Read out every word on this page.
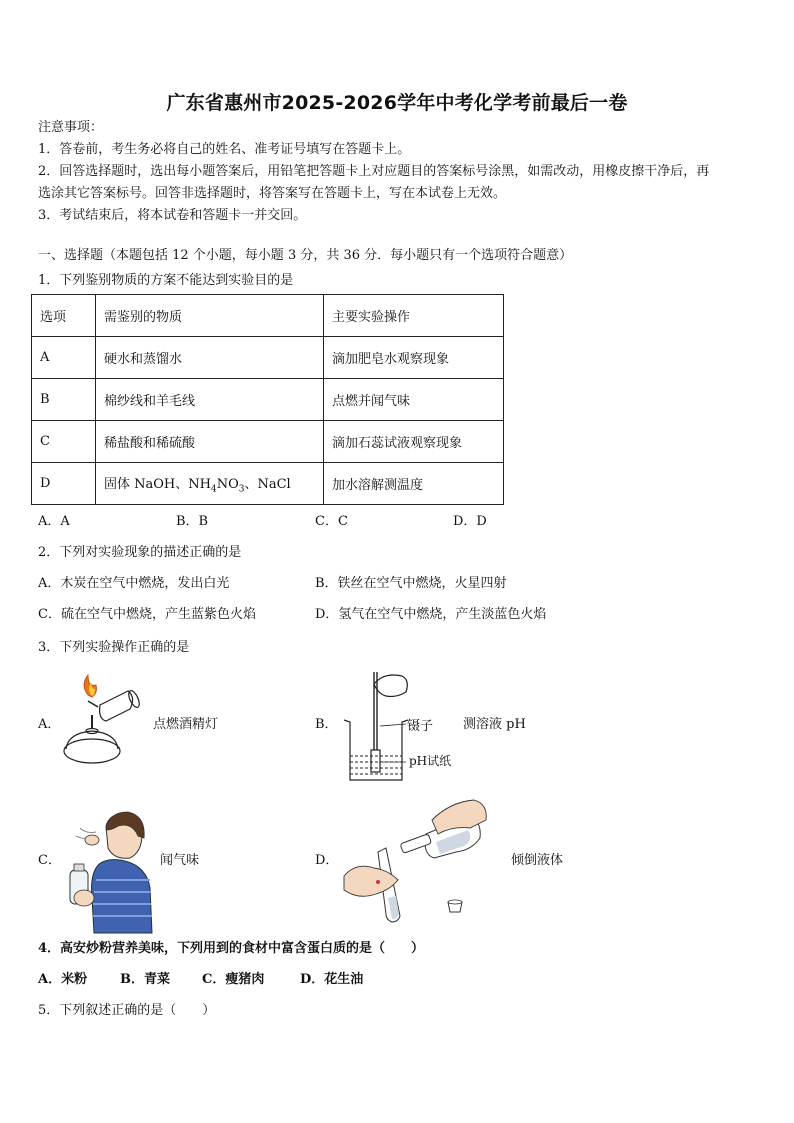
广东省惠州市2025-2026学年中考化学考前最后一卷
注意事项：
1．答卷前，考生务必将自己的姓名、准考证号填写在答题卡上。
2．回答选择题时，选出每小题答案后，用铅笔把答题卡上对应题目的答案标号涂黑，如需改动，用橡皮擦干净后，再
选涂其它答案标号。回答非选择题时，将答案写在答题卡上，写在本试卷上无效。
3．考试结束后，将本试卷和答题卡一并交回。
一、选择题（本题包括 12 个小题，每小题 3 分，共 36 分．每小题只有一个选项符合题意）
1．下列鉴别物质的方案不能达到实验目的是
选项	需鉴别的物质	主要实验操作
A	硬水和蒸馏水	滴加肥皂水观察现象
B	棉纱线和羊毛线	点燃并闻气味
C	稀盐酸和稀硫酸	滴加石蕊试液观察现象
D	固体 NaOH、$NH_4NO_3$、NaCl	加水溶解测温度
A．A	B．B	C．C	D．D
2．下列对实验现象的描述正确的是
A．木炭在空气中燃烧，发出白光	B．铁丝在空气中燃烧，火星四射
C．硫在空气中燃烧，产生蓝紫色火焰	D．氢气在空气中燃烧，产生淡蓝色火焰
3．下列实验操作正确的是
A．	点燃酒精灯	B．	镊子
pH试纸
测溶液 pH
C．	闻气味	D．	倾倒液体
4．高安炒粉营养美味，下列用到的食材中富含蛋白质的是（　　）
A．米粉	B．青菜 C．瘦猪肉	D．花生油
5．下列叙述正确的是（　　）
